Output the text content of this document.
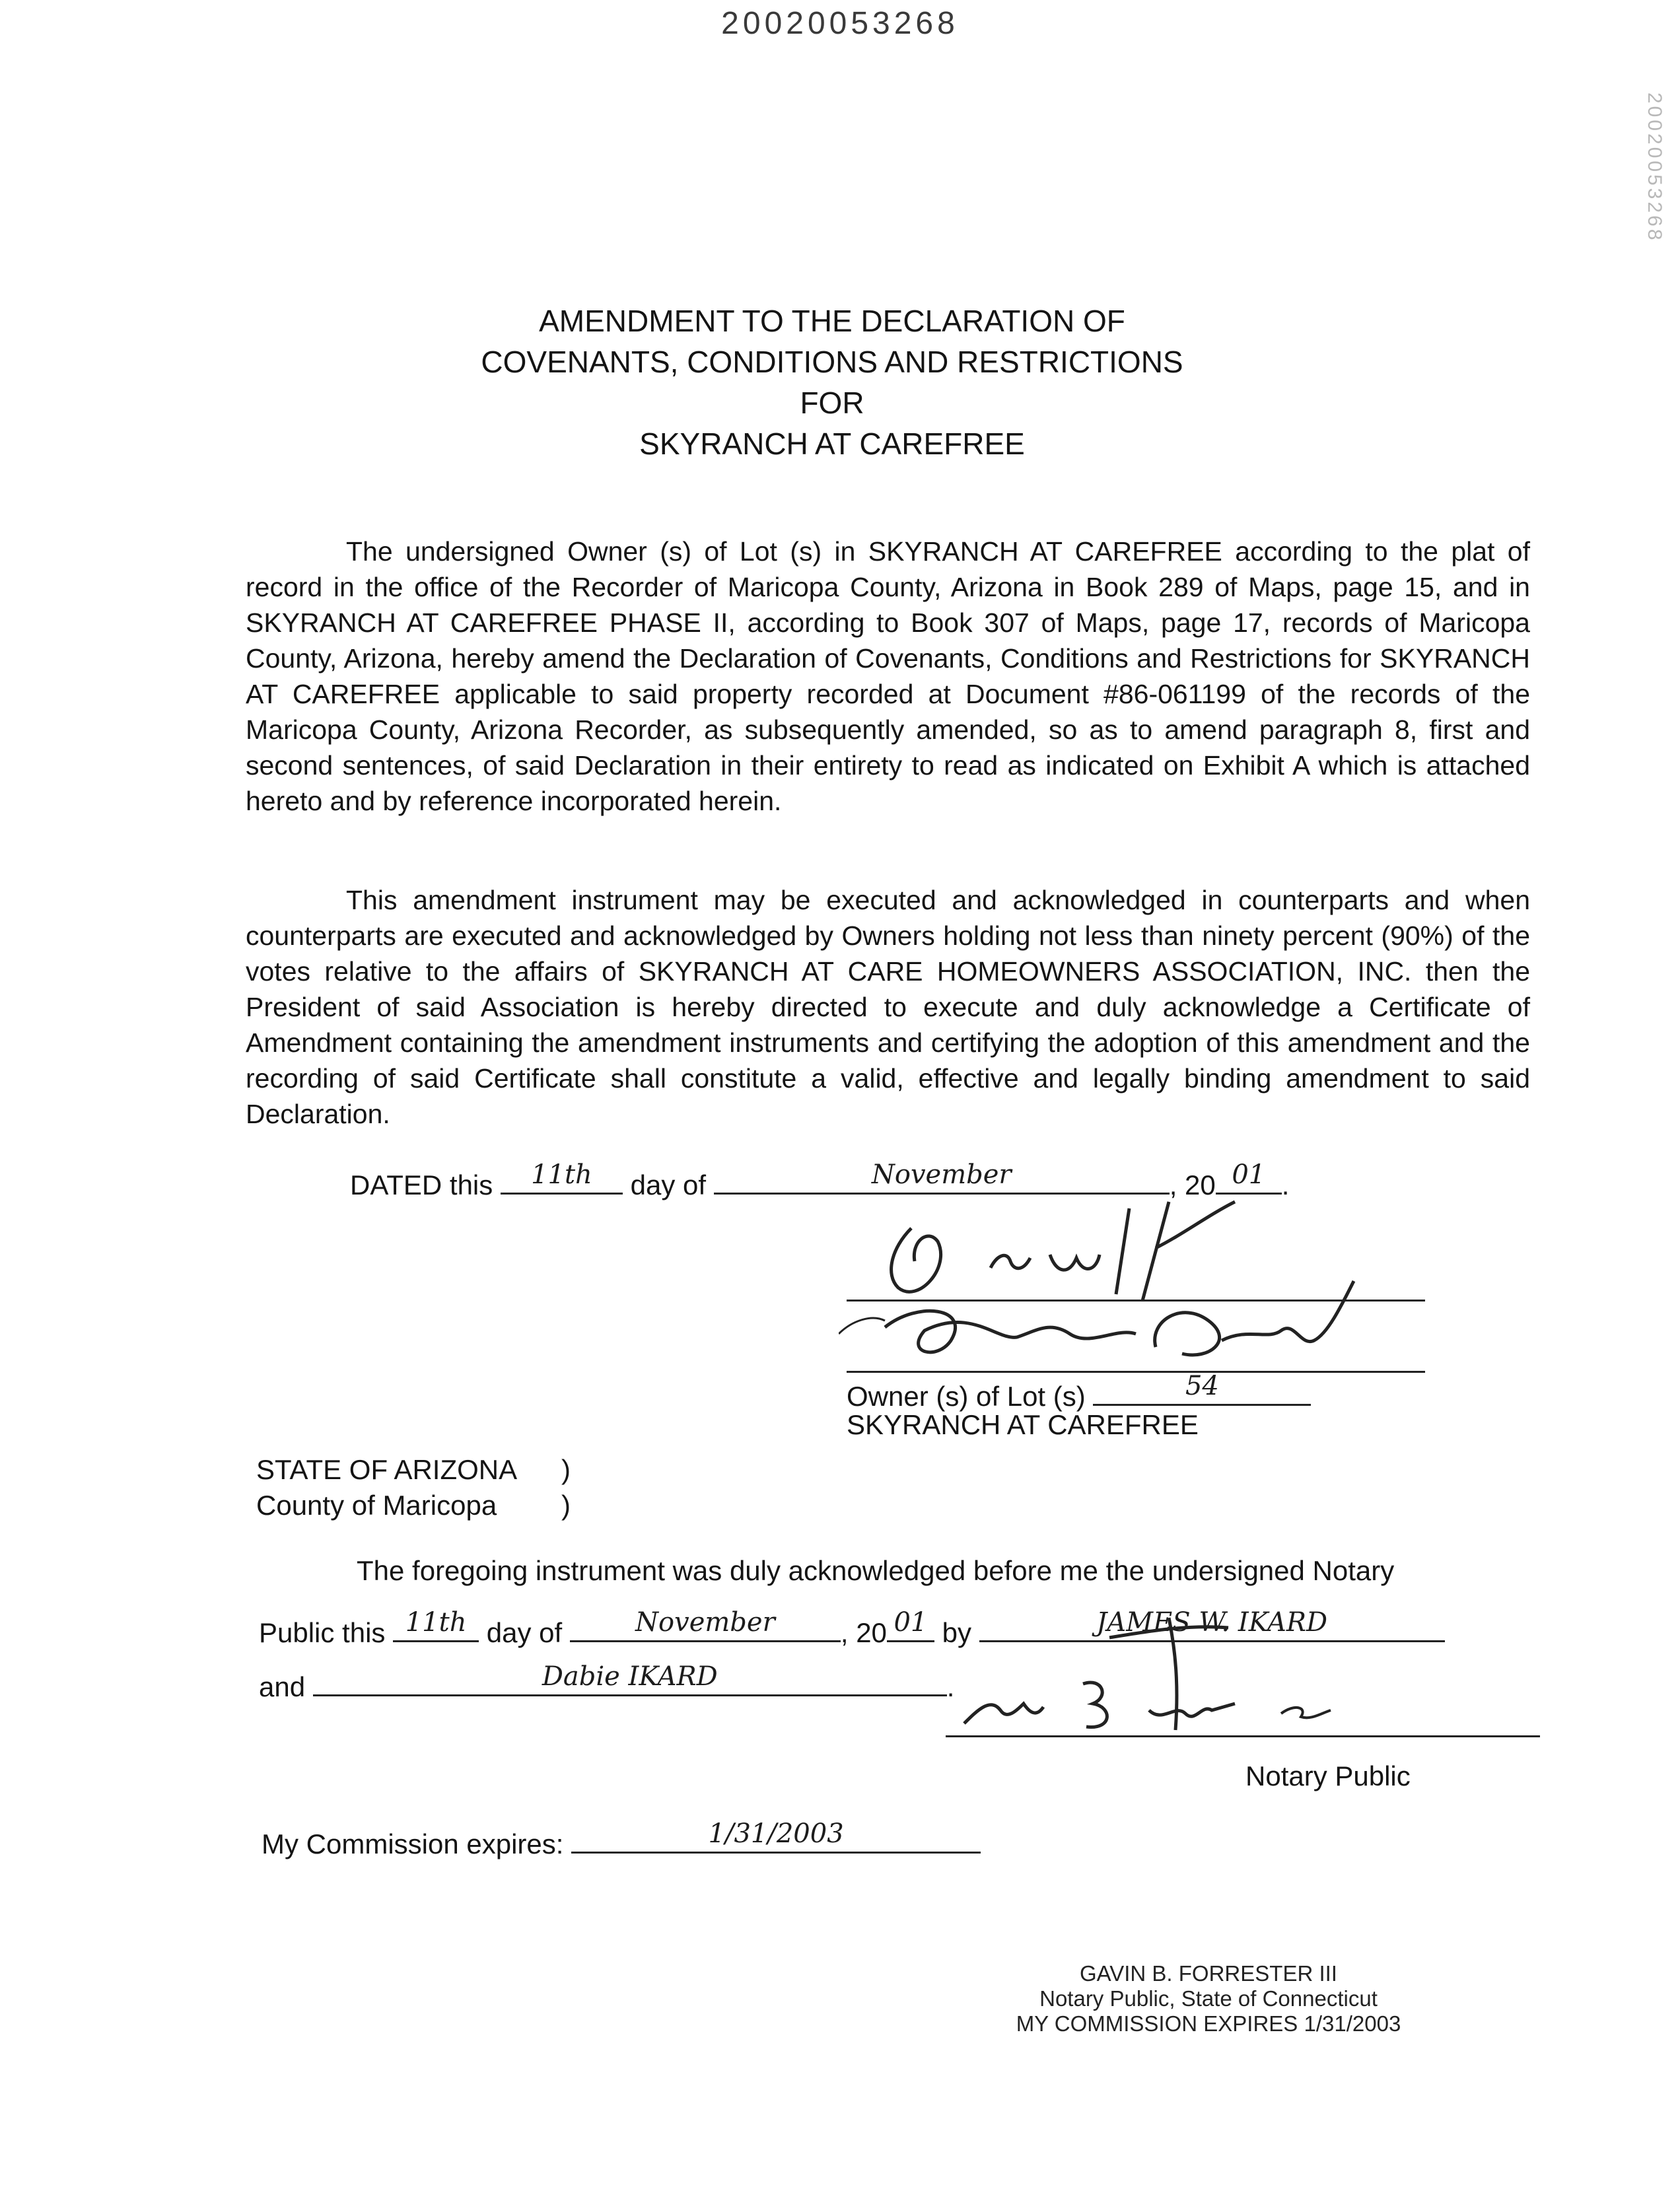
20020053268
20020053268
AMENDMENT TO THE DECLARATION OF
COVENANTS, CONDITIONS AND RESTRICTIONS
FOR
SKYRANCH AT CAREFREE
The undersigned Owner (s) of Lot (s) in SKYRANCH AT CAREFREE according to the plat of record in the office of the Recorder of Maricopa County, Arizona in Book 289 of Maps, page 15, and in SKYRANCH AT CAREFREE PHASE II, according to Book 307 of Maps, page 17, records of Maricopa County, Arizona, hereby amend the Declaration of Covenants, Conditions and Restrictions for SKYRANCH AT CAREFREE applicable to said property recorded at Document #86-061199 of the records of the Maricopa County, Arizona Recorder, as subsequently amended, so as to amend paragraph 8, first and second sentences, of said Declaration in their entirety to read as indicated on Exhibit A which is attached hereto and by reference incorporated herein.
This amendment instrument may be executed and acknowledged in counterparts and when counterparts are executed and acknowledged by Owners holding not less than ninety percent (90%) of the votes relative to the affairs of SKYRANCH AT CARE HOMEOWNERS ASSOCIATION, INC. then the President of said Association is hereby directed to execute and duly acknowledge a Certificate of Amendment containing the amendment instruments and certifying the adoption of this amendment and the recording of said Certificate shall constitute a valid, effective and legally binding amendment to said Declaration.
DATED this	11th	day of	November	, 20 01 .
Owner (s) of Lot (s)	54
SKYRANCH AT CAREFREE
STATE OF ARIZONA )
County of Maricopa )
The foregoing instrument was duly acknowledged before me the undersigned Notary
Public this 11th day of	November	, 20 01 by	JAMES W. IKARD
and	Dabie IKARD	.
Notary Public
My Commission expires:	1/31/2003
GAVIN B. FORRESTER III
Notary Public, State of Connecticut
MY COMMISSION EXPIRES 1/31/2003
